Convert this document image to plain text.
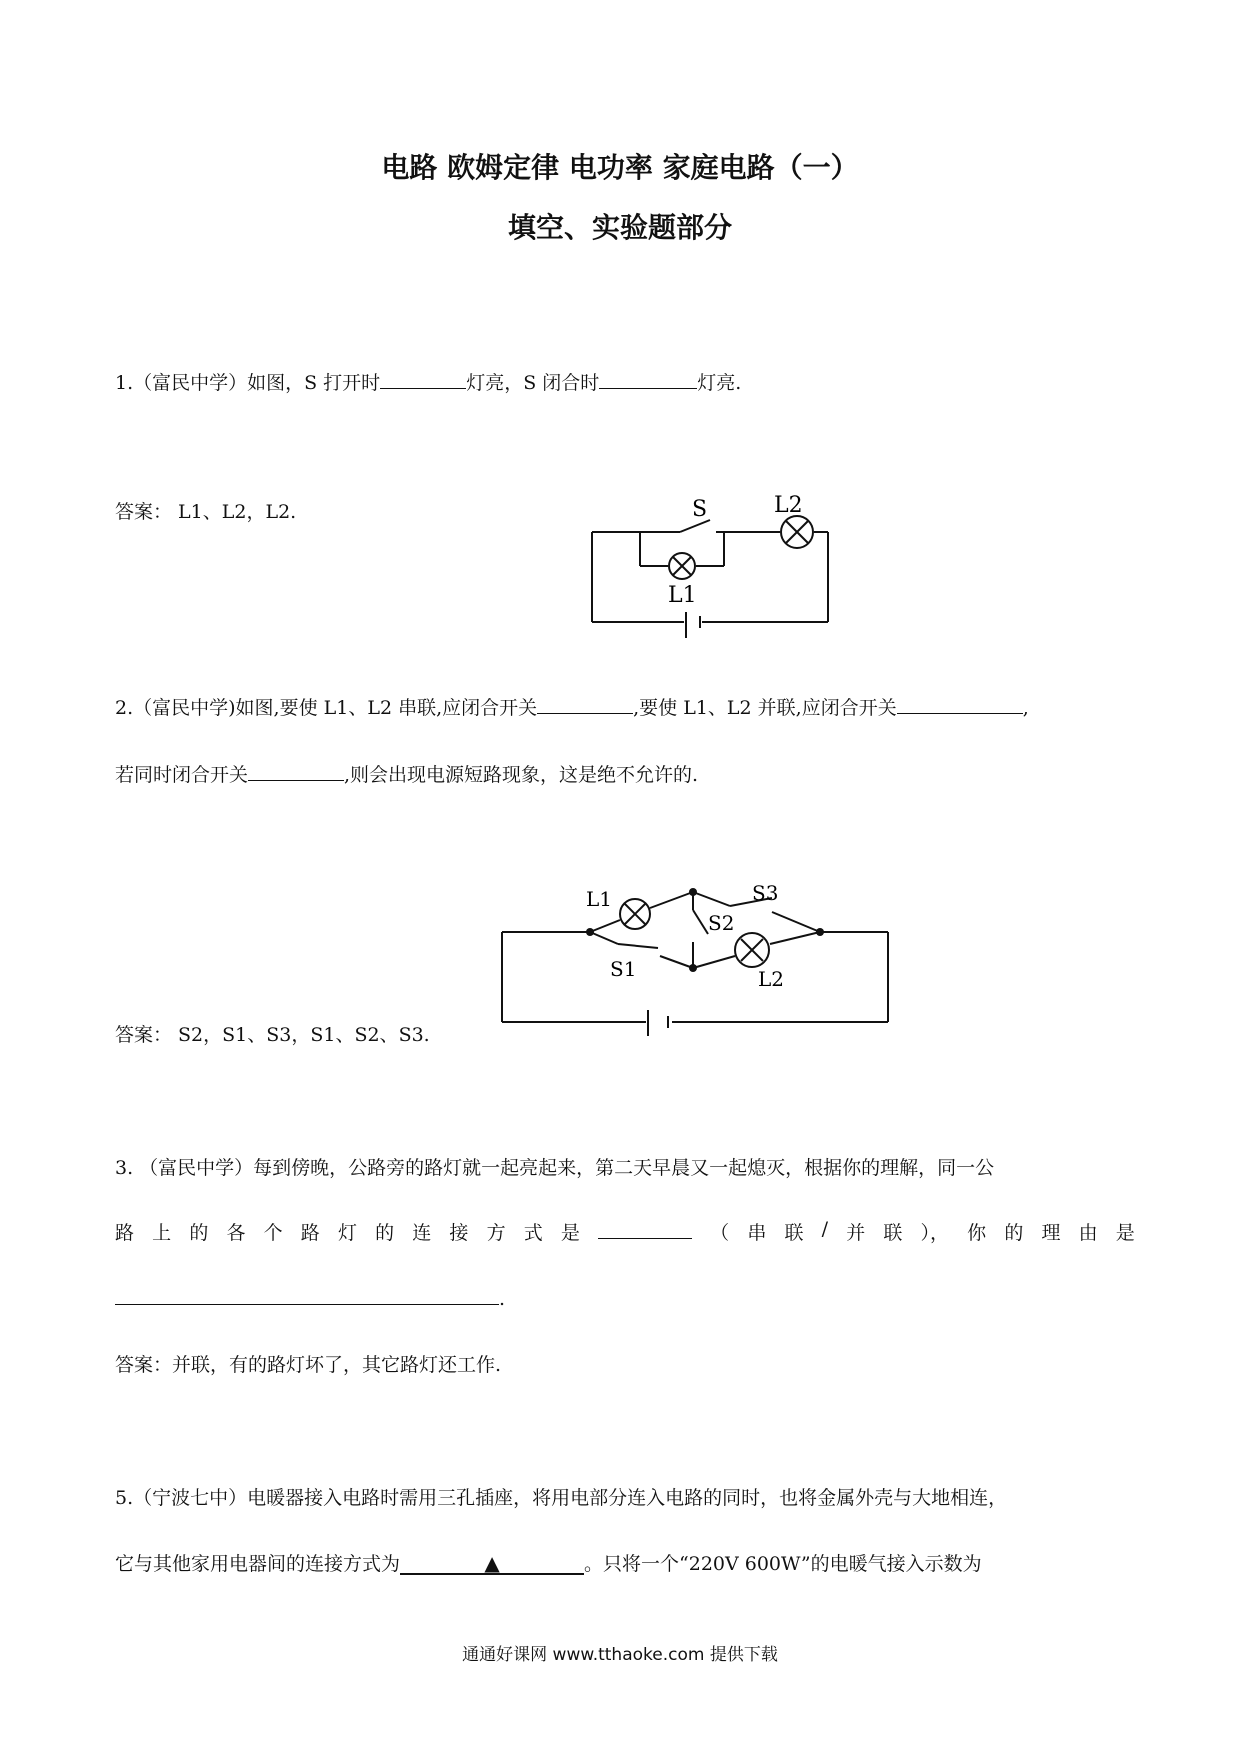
电路 欧姆定律 电功率 家庭电路（一）
填空、实验题部分
1.（富民中学）如图，S 打开时	灯亮，S 闭合时	灯亮.
答案： L1、L2，L2.	S	L2
L1
2.（富民中学)如图,要使 L1、L2 串联,应闭合开关	,要使 L1、L2 并联,应闭合开关	,
若同时闭合开关	,则会出现电源短路现象，这是绝不允许的.
L1	S3
S2
S1	L2
答案： S2，S1、S3，S1、S2、S3.
3. （富民中学）每到傍晚，公路旁的路灯就一起亮起来，第二天早晨又一起熄灭，根据你的理解，同一公
路 上 的 各 个 路 灯 的 连 接 方 式 是	（ 串 联 / 并 联 ）， 你 的 理 由 是
.
答案：并联，有的路灯坏了，其它路灯还工作.
5.（宁波七中）电暖器接入电路时需用三孔插座，将用电部分连入电路的同时，也将金属外壳与大地相连，
它与其他家用电器间的连接方式为	▲	。只将一个“220V 600W”的电暖气接入示数为
通通好课网 www.tthaoke.com 提供下载
